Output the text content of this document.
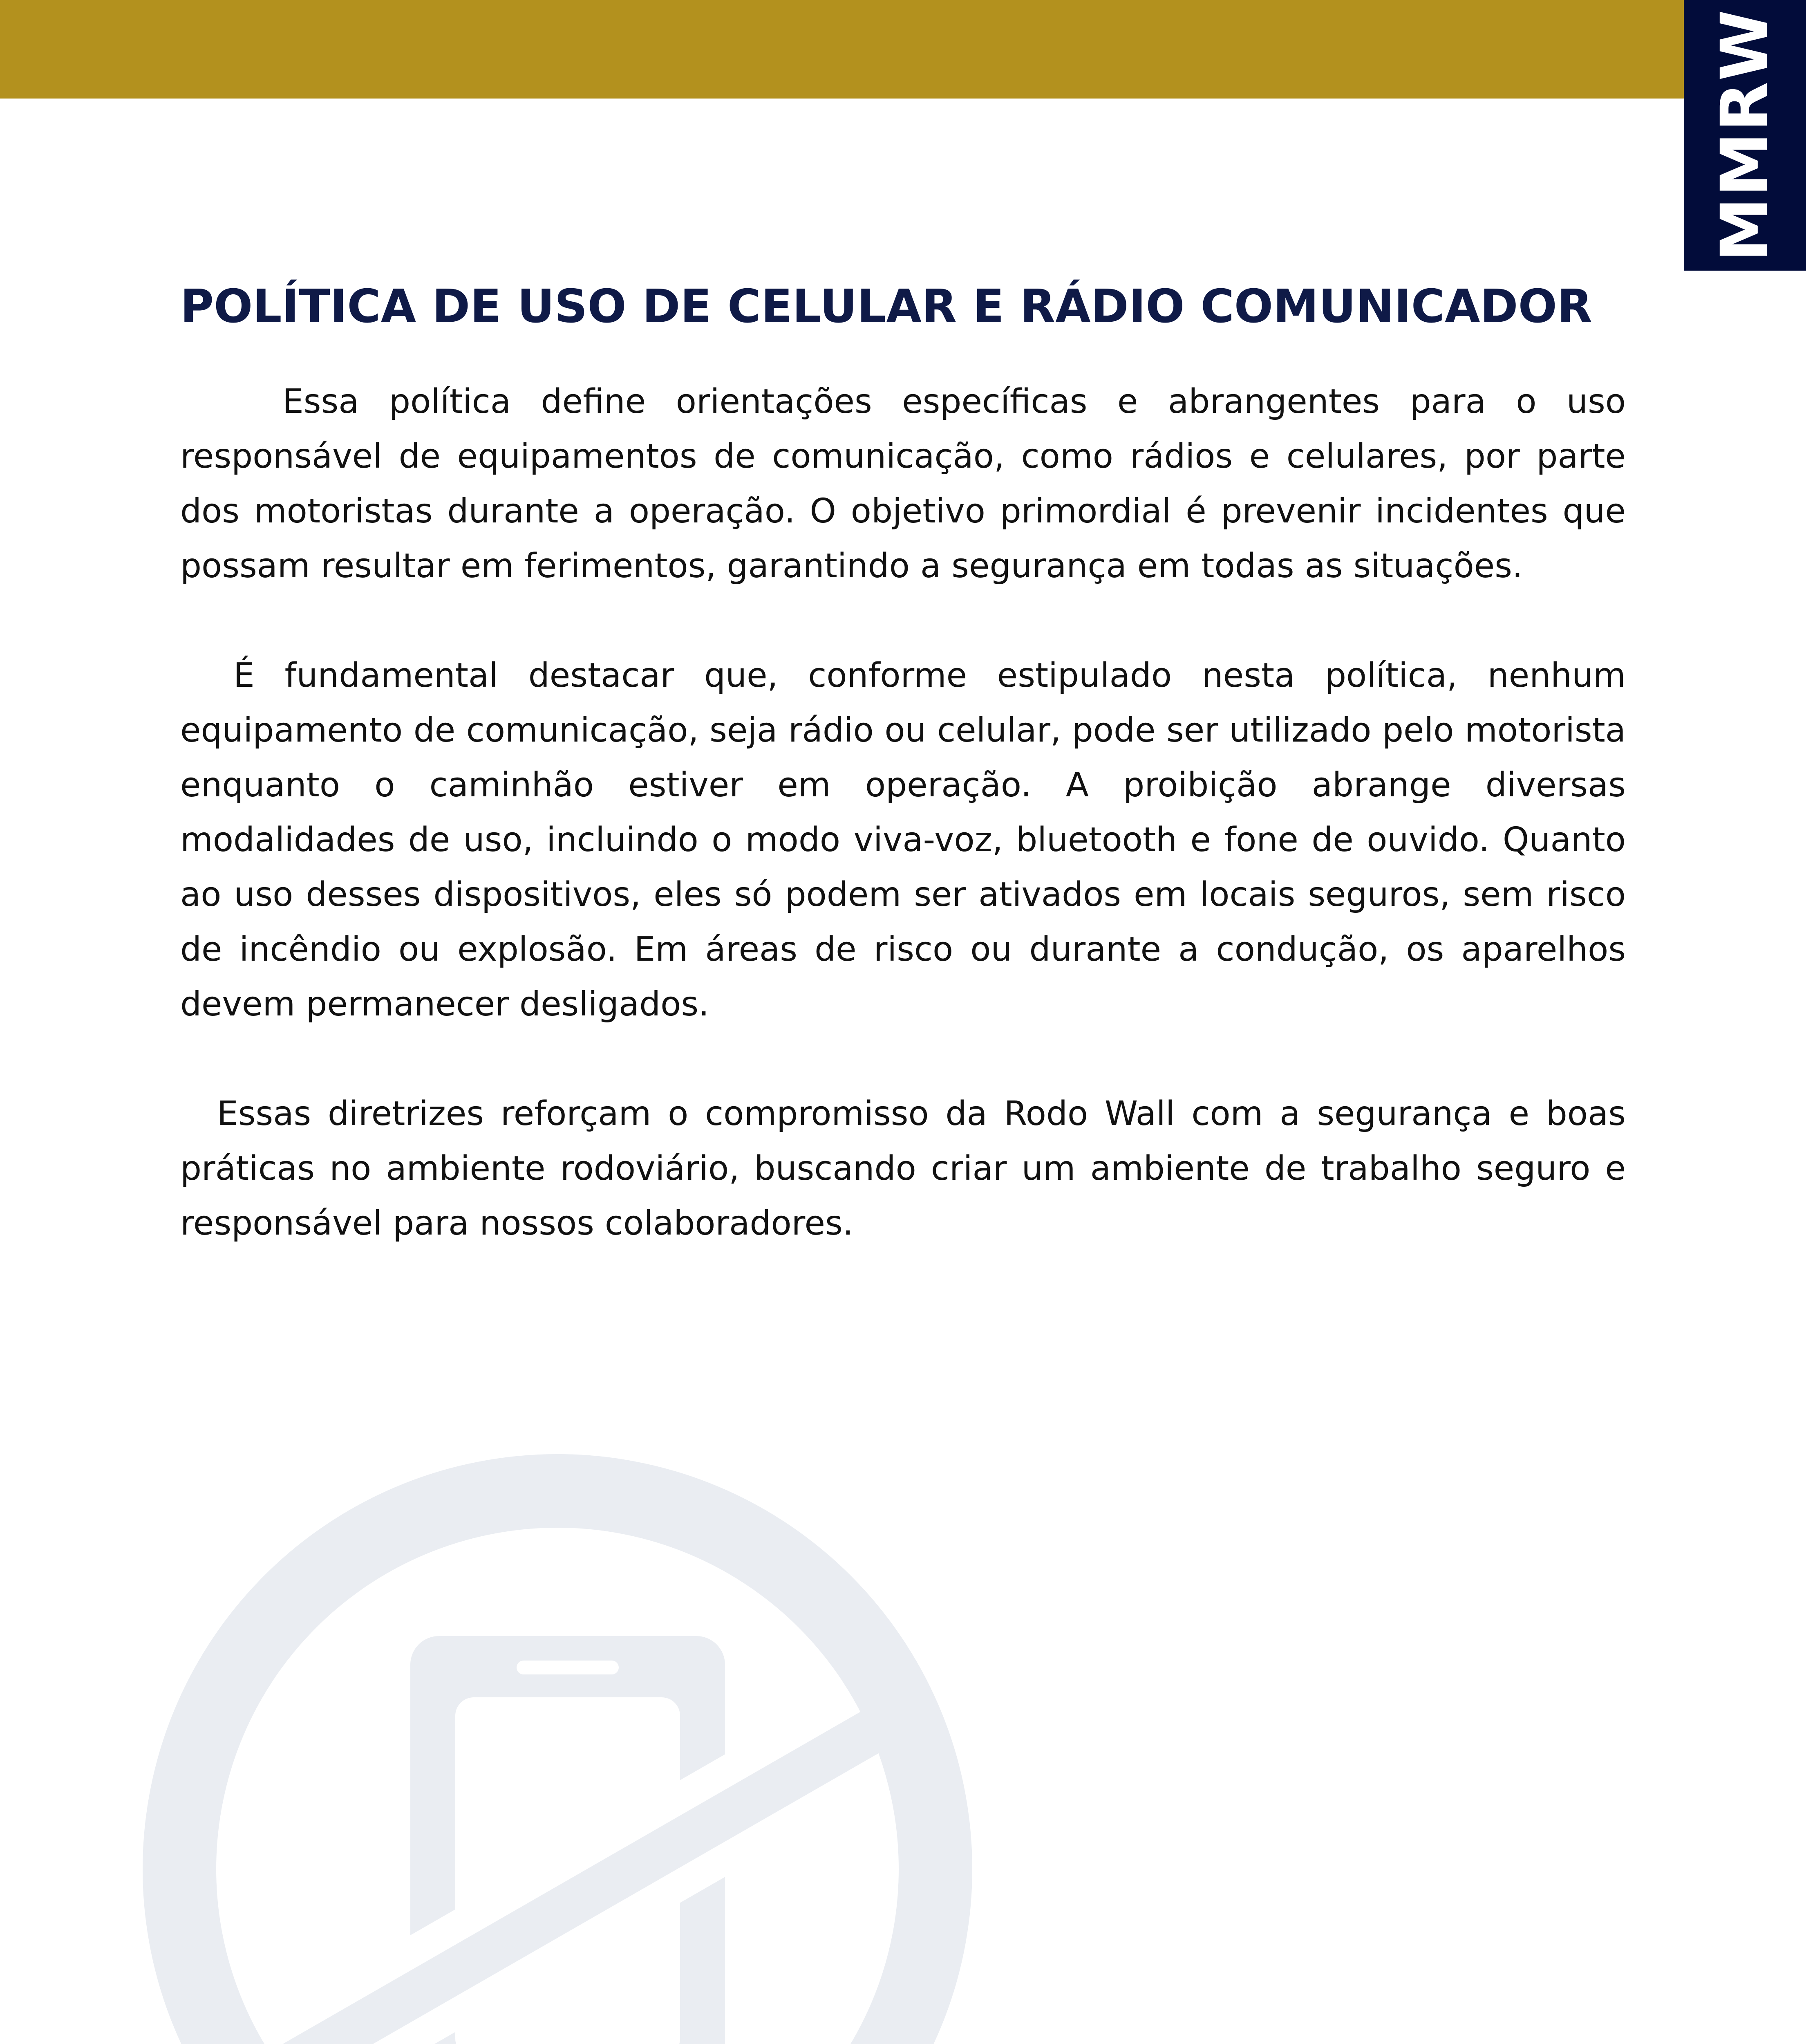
MMRW
POLÍTICA DE USO DE CELULAR E RÁDIO COMUNICADOR

Essa política define orientações específicas e abrangentes para o uso responsável de equipamentos de comunicação, como rádios e celulares, por parte dos motoristas durante a operação. O objetivo primordial é prevenir incidentes que possam resultar em ferimentos, garantindo a segurança em todas as situações.

É fundamental destacar que, conforme estipulado nesta política, nenhum equipamento de comunicação, seja rádio ou celular, pode ser utilizado pelo motorista enquanto o caminhão estiver em operação. A proibição abrange diversas modalidades de uso, incluindo o modo viva-voz, bluetooth e fone de ouvido. Quanto ao uso desses dispositivos, eles só podem ser ativados em locais seguros, sem risco de incêndio ou explosão. Em áreas de risco ou durante a condução, os aparelhos devem permanecer desligados.

Essas diretrizes reforçam o compromisso da Rodo Wall com a segurança e boas práticas no ambiente rodoviário, buscando criar um ambiente de trabalho seguro e responsável para nossos colaboradores.
